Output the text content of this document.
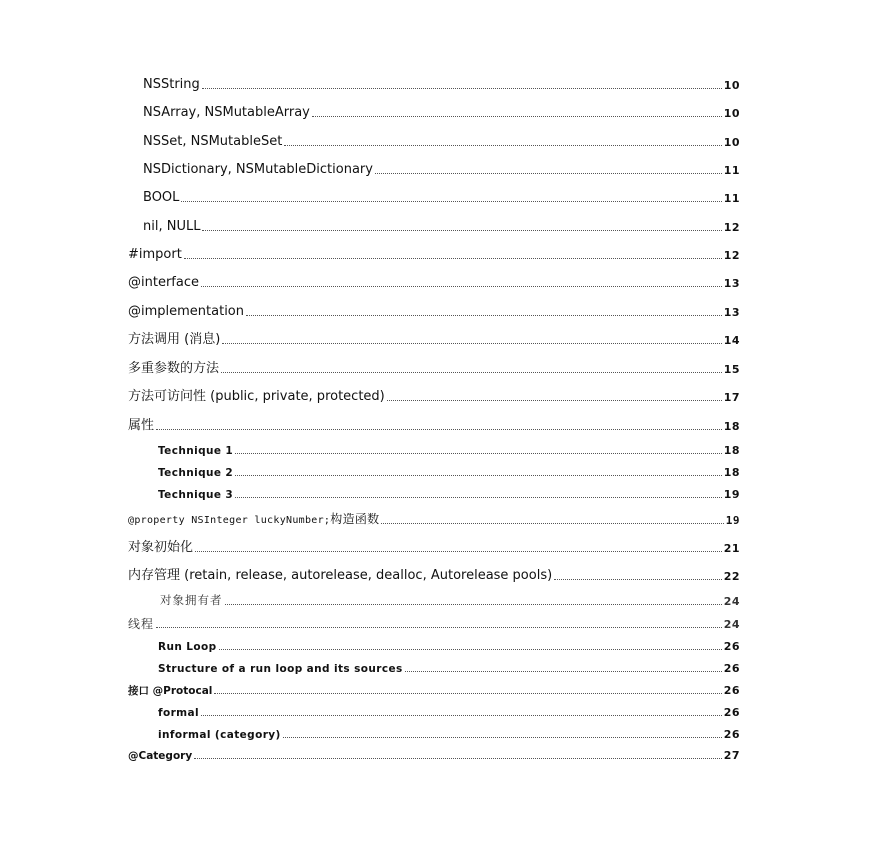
NSString	10
NSArray, NSMutableArray	10
NSSet, NSMutableSet	10
NSDictionary, NSMutableDictionary	11
BOOL	11
nil, NULL	12
#import	12
@interface	13
@implementation	13
方法调用 (消息)	14
多重参数的方法	15
方法可访问性 (public, private, protected)	17
属性	18
Technique 1	18
Technique 2	18
Technique 3	19
@property NSInteger luckyNumber;构造函数	19
对象初始化	21
内存管理 (retain, release, autorelease, dealloc, Autorelease pools)	22
对象拥有者	24
线程	24
Run Loop	26
Structure of a run loop and its sources	26
接口 @Protocal	26
formal	26
informal (category)	26
@Category	27
